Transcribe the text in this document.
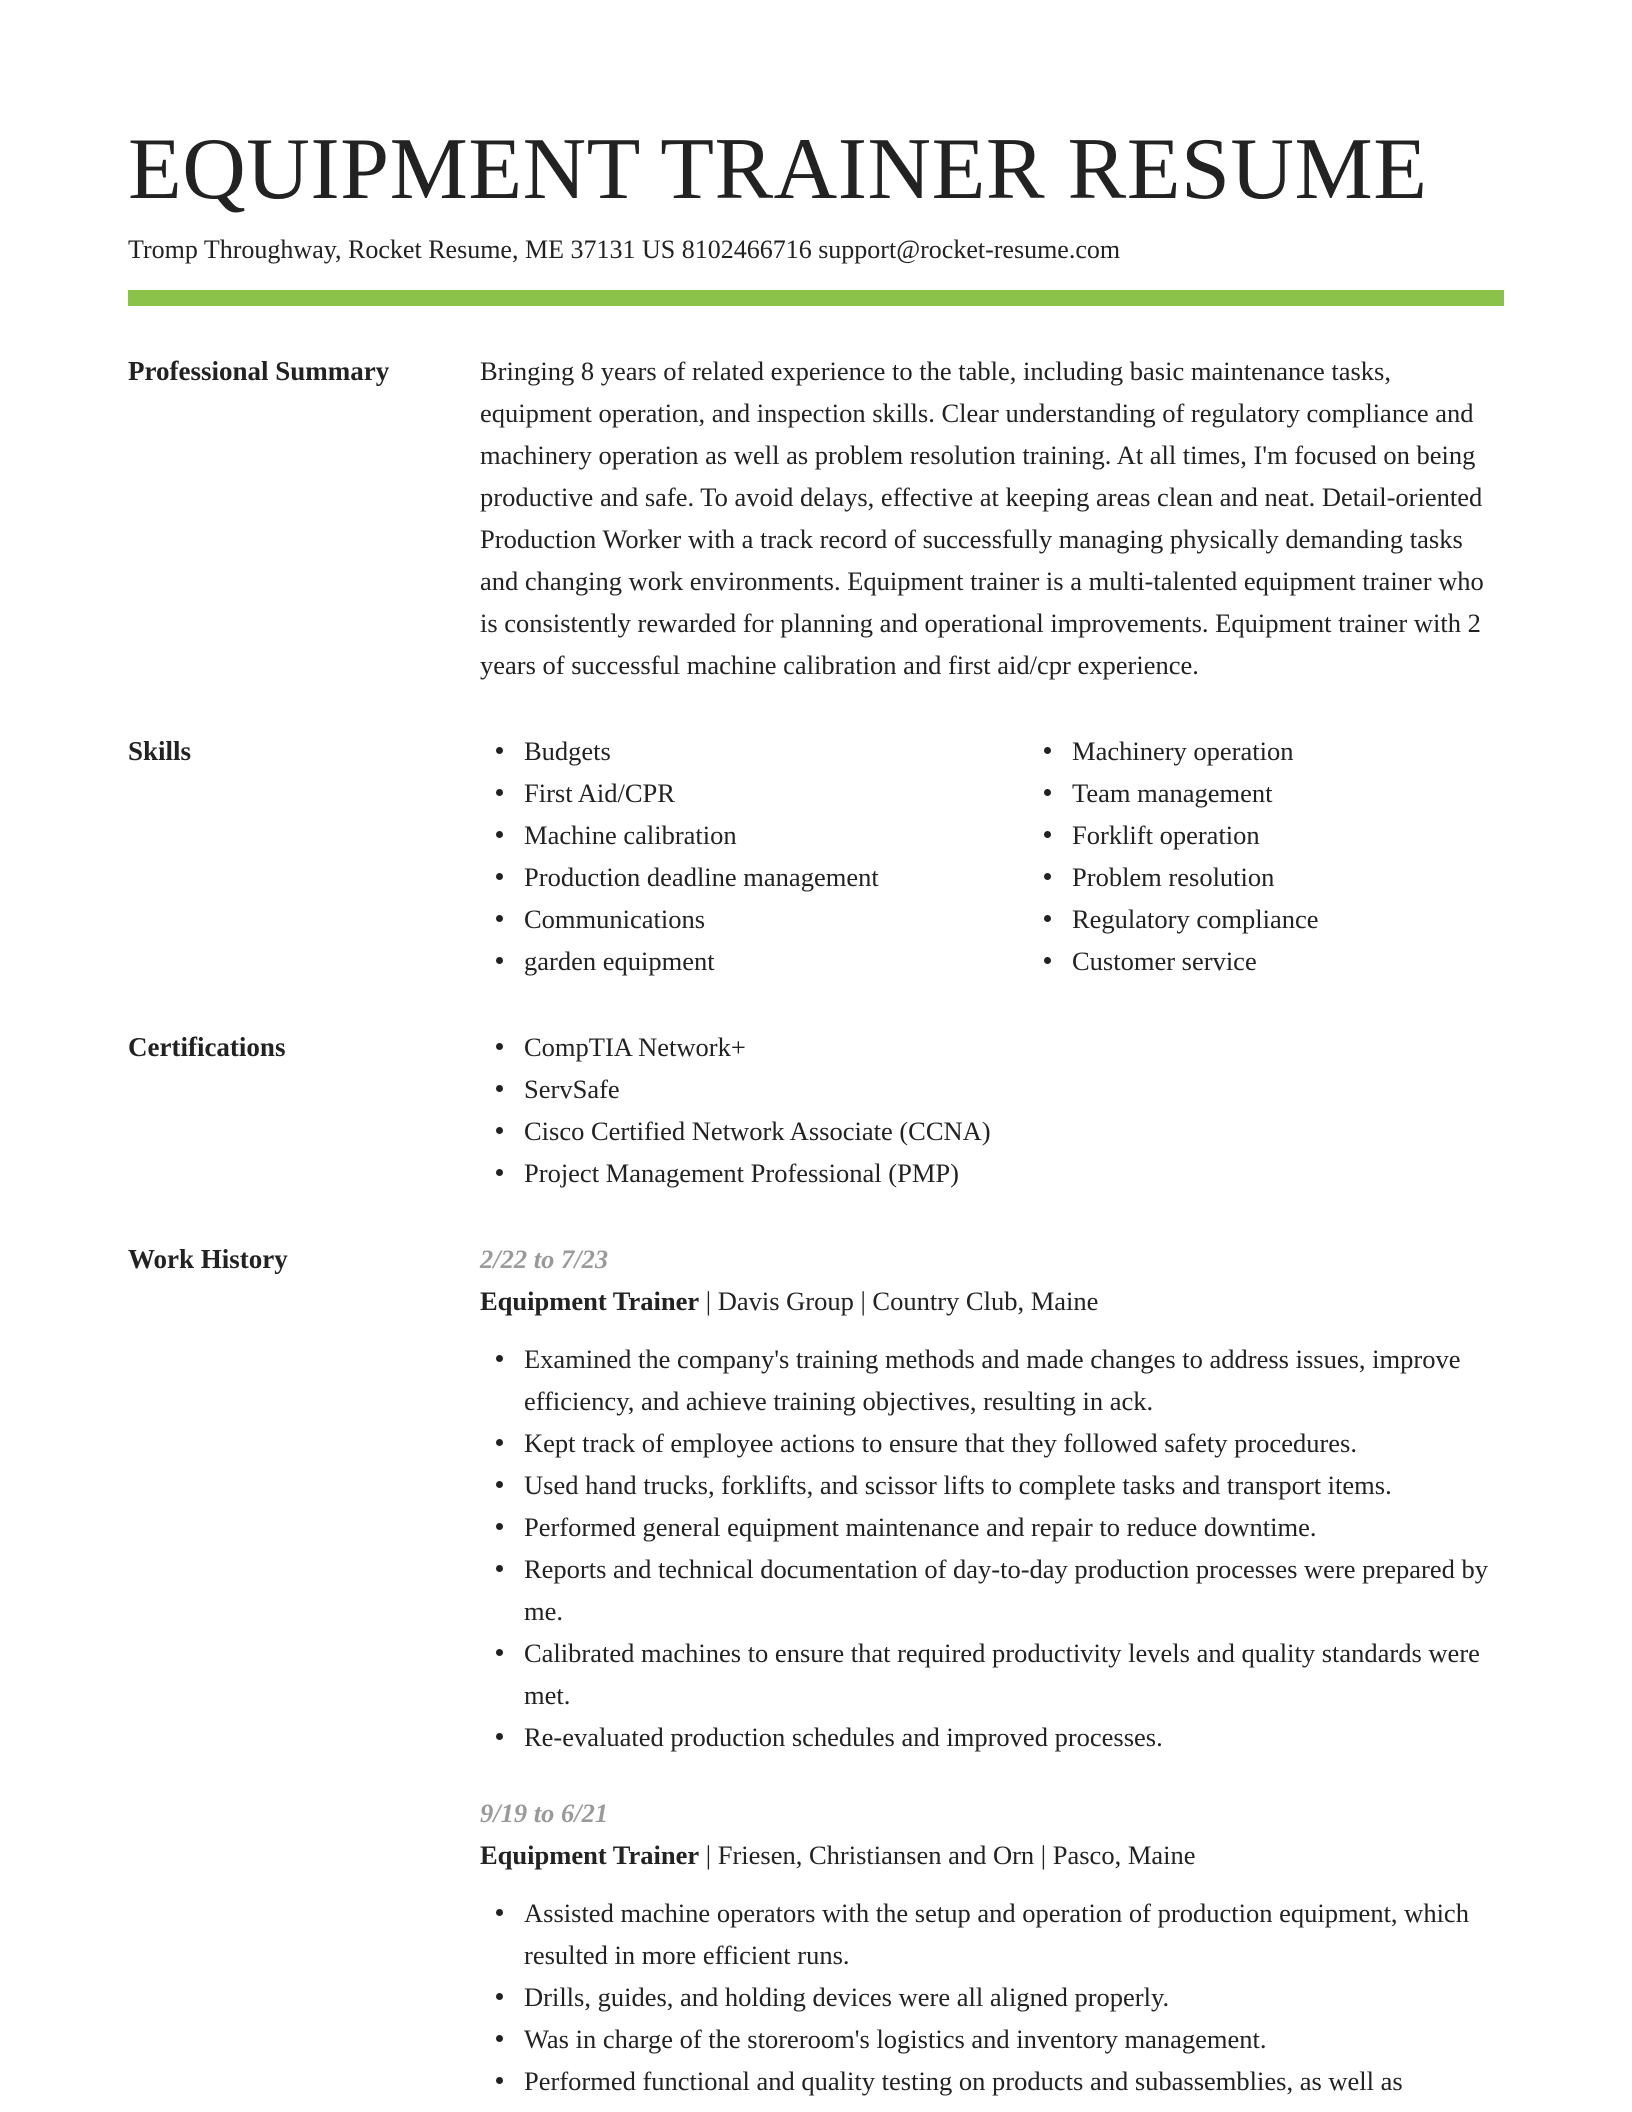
EQUIPMENT TRAINER RESUME
Tromp Throughway, Rocket Resume, ME 37131 US 8102466716 support@rocket-resume.com
Professional Summary	Bringing 8 years of related experience to the table, including basic maintenance tasks, equipment operation, and inspection skills. Clear understanding of regulatory compliance and machinery operation as well as problem resolution training. At all times, I'm focused on being productive and safe. To avoid delays, effective at keeping areas clean and neat. Detail-oriented Production Worker with a track record of successfully managing physically demanding tasks and changing work environments. Equipment trainer is a multi-talented equipment trainer who is consistently rewarded for planning and operational improvements. Equipment trainer with 2 years of successful machine calibration and first aid/cpr experience.

Skills	Budgets
First Aid/CPR
Machine calibration
Production deadline management
Communications
garden equipment
Machinery operation
Team management
Forklift operation
Problem resolution
Regulatory compliance
Customer service
Certifications	CompTIA Network+
ServSafe
Cisco Certified Network Associate (CCNA)
Project Management Professional (PMP)
Work History	2/22 to 7/23
Equipment Trainer | Davis Group | Country Club, Maine
Examined the company's training methods and made changes to address issues, improve efficiency, and achieve training objectives, resulting in ack.
Kept track of employee actions to ensure that they followed safety procedures.
Used hand trucks, forklifts, and scissor lifts to complete tasks and transport items.
Performed general equipment maintenance and repair to reduce downtime.
Reports and technical documentation of day-to-day production processes were prepared by me.
Calibrated machines to ensure that required productivity levels and quality standards were met.
Re-evaluated production schedules and improved processes.
9/19 to 6/21
Equipment Trainer | Friesen, Christiansen and Orn | Pasco, Maine
Assisted machine operators with the setup and operation of production equipment, which resulted in more efficient runs.
Drills, guides, and holding devices were all aligned properly.
Was in charge of the storeroom's logistics and inventory management.
Performed functional and quality testing on products and subassemblies, as well as
